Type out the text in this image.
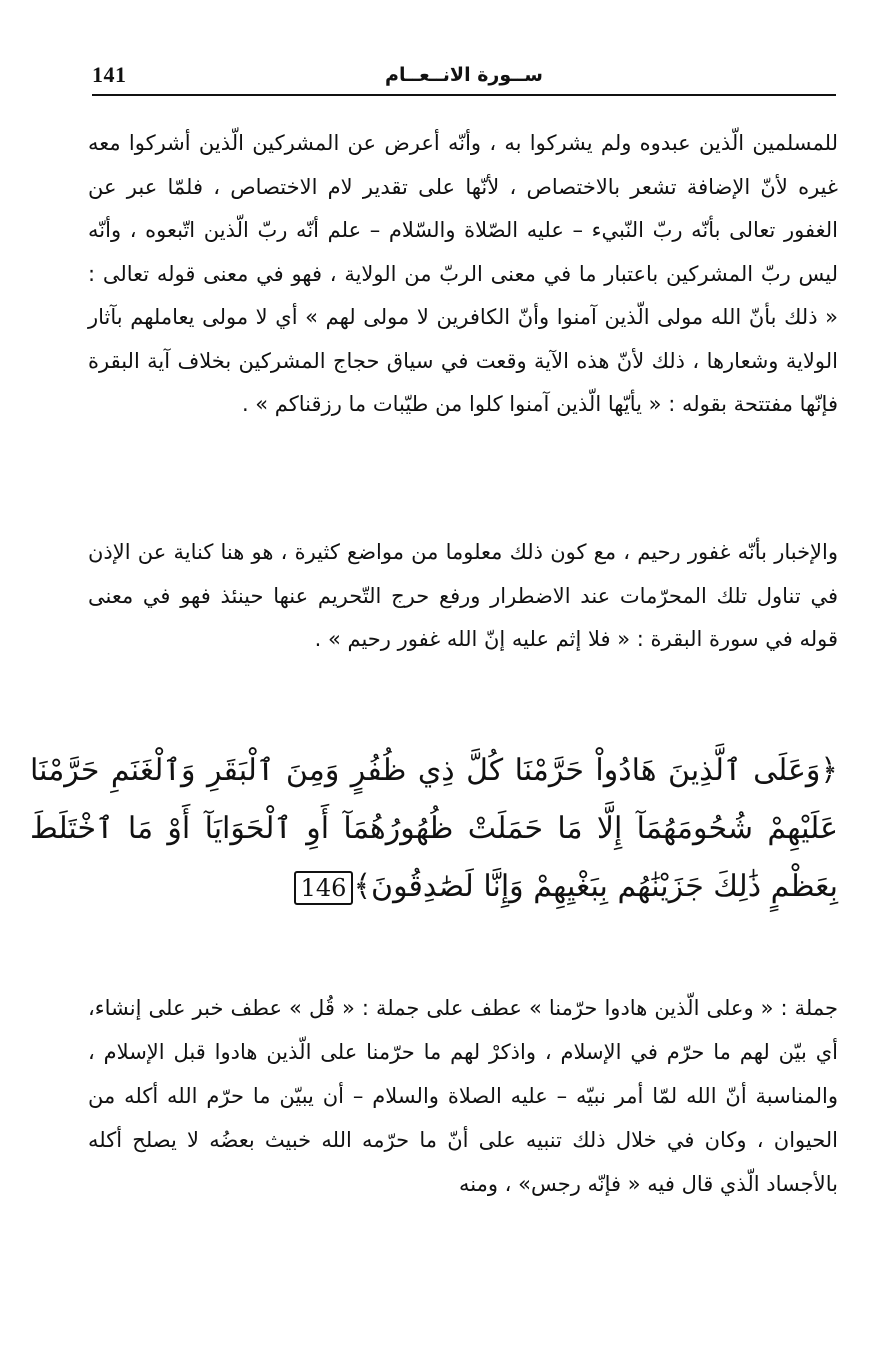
141	ســورة الانــعــام

للمسلمين الّذين عبدوه ولم يشركوا به ، وأنّه أعرض عن المشركين الّذين أشركوا معه غيره لأنّ الإضافة تشعر بالاختصاص ، لأنّها على تقدير لام الاختصاص ، فلمّا عبر عن الغفور تعالى بأنّه ربّ النّبيء – عليه الصّلاة والسّلام – علم أنّه ربّ الّذين اتّبعوه ، وأنّه ليس ربّ المشركين باعتبار ما في معنى الربّ من الولاية ، فهو في معنى قوله تعالى : « ذلك بأنّ الله مولى الّذين آمنوا وأنّ الكافرين لا مولى لهم » أي لا مولى يعاملهم بآثار الولاية وشعارها ، ذلك لأنّ هذه الآية وقعت في سياق حجاج المشركين بخلاف آية البقرة فإنّها مفتتحة بقوله : « يأيّها الّذين آمنوا كلوا من طيّبات ما رزقناكم » .

والإخبار بأنّه غفور رحيم ، مع كون ذلك معلوما من مواضع كثيرة ، هو هنا كناية عن الإذن في تناول تلك المحرّمات عند الاضطرار ورفع حرج التّحريم عنها حينئذ فهو في معنى قوله في سورة البقرة : « فلا إثم عليه إنّ الله غفور رحيم » .

﴿وَعَلَى ٱلَّذِينَ هَادُواْ حَرَّمْنَا كُلَّ ذِي ظُفُرٍ وَمِنَ ٱلْبَقَرِ وَٱلْغَنَمِ حَرَّمْنَا عَلَيْهِمْ شُحُومَهُمَآ إِلَّا مَا حَمَلَتْ ظُهُورُهُمَآ أَوِ ٱلْحَوَايَآ أَوْ مَا ٱخْتَلَطَ بِعَظْمٍ ذَٰلِكَ جَزَيْنَٰهُم بِبَغْيِهِمْ وَإِنَّا لَصَٰدِقُونَ﴾146

جملة : « وعلى الّذين هادوا حرّمنا » عطف على جملة : « قُل » عطف خبر على إنشاء، أي بيّن لهم ما حرّم في الإسلام ، واذكرْ لهم ما حرّمنا على الّذين هادوا قبل الإسلام ، والمناسبة أنّ الله لمّا أمر نبيّه – عليه الصلاة والسلام – أن يبيّن ما حرّم الله أكله من الحيوان ، وكان في خلال ذلك تنبيه على أنّ ما حرّمه الله خبيث بعضُه لا يصلح أكله بالأجساد الّذي قال فيه « فإنّه رجس» ، ومنه
